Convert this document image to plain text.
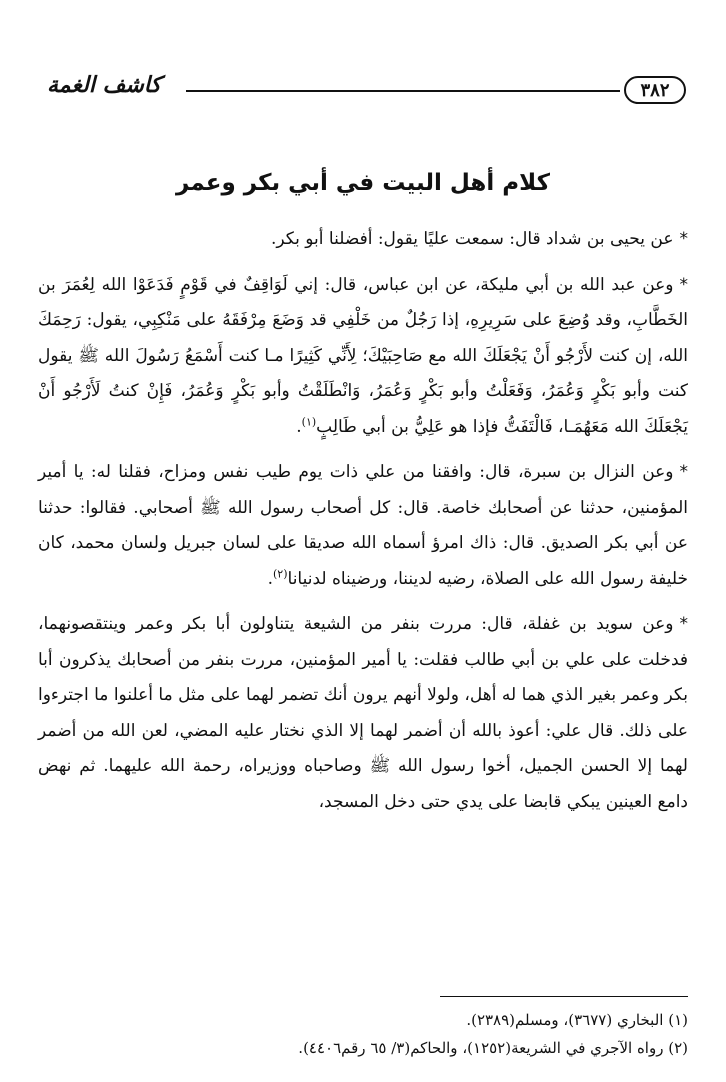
٣٨٢
كاشف الغمة
كلام أهل البيت في أبي بكر وعمر

*عن يحيى بن شداد قال: سمعت عليًا يقول: أفضلنا أبو بكر.

*وعن عبد الله بن أبي مليكة، عن ابن عباس، قال: إني لَوَاقِفٌ في قَوْمٍ فَدَعَوْا الله لِعُمَرَ بن الخَطَّابِ، وقد وُضِعَ على سَرِيرِهِ، إذا رَجُلٌ من خَلْفِي قد وَضَعَ مِرْفَقَهُ على مَنْكِبِي، يقول: رَحِمَكَ الله، إن كنت لأَرْجُو أَنْ يَجْعَلَكَ الله مع صَاحِبَيْكَ؛ لِأَنِّي كَثِيرًا مـا كنت أَسْمَعُ رَسُولَ الله ﷺ يقول كنت وأبو بَكْرٍ وَعُمَرُ، وَفَعَلْتُ وأبو بَكْرٍ وَعُمَرُ، وَانْطَلَقْتُ وأبو بَكْرٍ وَعُمَرُ، فَإِنْ كنتُ لَأَرْجُو أَنْ يَجْعَلَكَ الله مَعَهُمَـا، فَالْتَفَتُّ فإذا هو عَلِيُّ بن أبي طَالِبٍ$^{(١)}$.

*وعن النزال بن سبرة، قال: وافقنا من علي ذات يوم طيب نفس ومزاح، فقلنا له: يا أمير المؤمنين، حدثنا عن أصحابك خاصة. قال: كل أصحاب رسول الله ﷺ أصحابي. فقالوا: حدثنا عن أبي بكر الصديق. قال: ذاك امرؤ أسماه الله صديقا على لسان جبريل ولسان محمد، كان خليفة رسول الله على الصلاة، رضيه لديننا، ورضيناه لدنيانا$^{(٢)}$.

*وعن سويد بن غفلة، قال: مررت بنفر من الشيعة يتناولون أبا بكر وعمر وينتقصونهما، فدخلت على علي بن أبي طالب فقلت: يا أمير المؤمنين، مررت بنفر من أصحابك يذكرون أبا بكر وعمر بغير الذي هما له أهل، ولولا أنهم يرون أنك تضمر لهما على مثل ما أعلنوا ما اجترءوا على ذلك. قال علي: أعوذ بالله أن أضمر لهما إلا الذي نختار عليه المضي، لعن الله من أضمر لهما إلا الحسن الجميل، أخوا رسول الله ﷺ وصاحباه ووزيراه، رحمة الله عليهما. ثم نهض دامع العينين يبكي قابضا على يدي حتى دخل المسجد،

(١) البخاري (٣٦٧٧)، ومسلم(٢٣٨٩).
(٢) رواه الآجري في الشريعة(١٢٥٢)، والحاكم(٣/ ٦٥ رقم٤٤٠٦).
